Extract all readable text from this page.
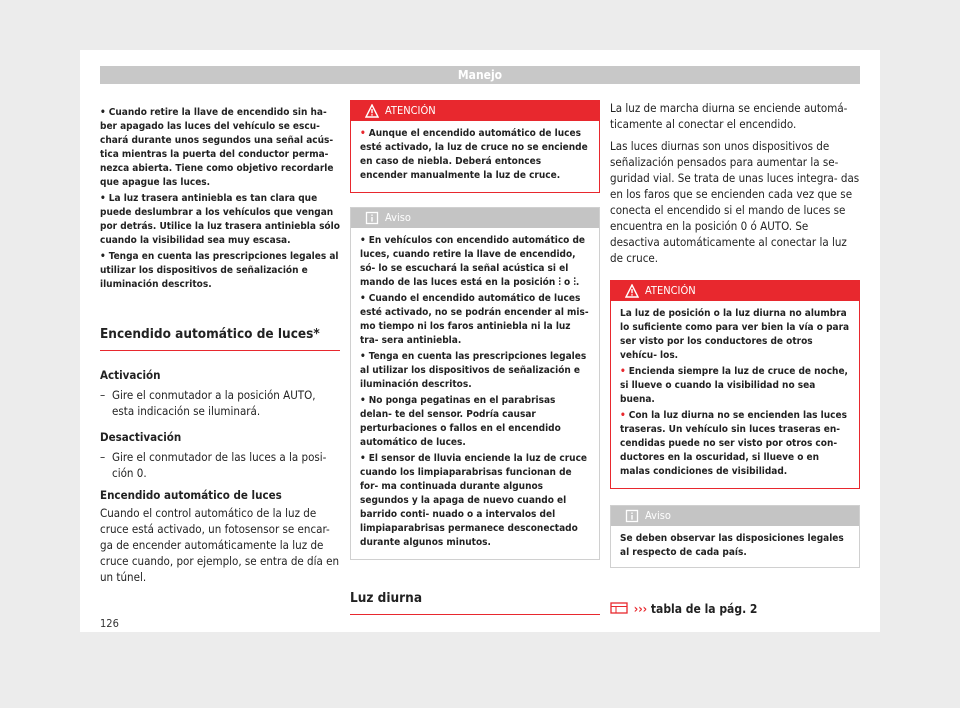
Manejo
• Cuando retire la llave de encendido sin ha- ber apagado las luces del vehículo se escu- chará durante unos segundos una señal acús- tica mientras la puerta del conductor perma- nezca abierta. Tiene como objetivo recordarle que apague las luces.
• La luz trasera antiniebla es tan clara que puede deslumbrar a los vehículos que vengan por detrás. Utilice la luz trasera antiniebla sólo cuando la visibilidad sea muy escasa.
• Tenga en cuenta las prescripciones legales al utilizar los dispositivos de señalización e iluminación descritos.
Encendido automático de luces*

Activación

– Gire el conmutador a la posición AUTO, esta indicación se iluminará.

Desactivación

– Gire el conmutador de las luces a la posi- ción 0.

Encendido automático de luces

Cuando el control automático de la luz de cruce está activado, un fotosensor se encar- ga de encender automáticamente la luz de cruce cuando, por ejemplo, se entra de día en un túnel.

ATENCIÓN
• Aunque el encendido automático de luces esté activado, la luz de cruce no se enciende en caso de niebla. Deberá entonces encender manualmente la luz de cruce.
Aviso
• En vehículos con encendido automático de luces, cuando retire la llave de encendido, só- lo se escuchará la señal acústica si el mando de las luces está en la posición ⫶ o ⫶.
• Cuando el encendido automático de luces esté activado, no se podrán encender al mis- mo tiempo ni los faros antiniebla ni la luz tra- sera antiniebla.
• Tenga en cuenta las prescripciones legales al utilizar los dispositivos de señalización e iluminación descritos.
• No ponga pegatinas en el parabrisas delan- te del sensor. Podría causar perturbaciones o fallos en el encendido automático de luces.
• El sensor de lluvia enciende la luz de cruce cuando los limpiaparabrisas funcionan de for- ma continuada durante algunos segundos y la apaga de nuevo cuando el barrido conti- nuado o a intervalos del limpiaparabrisas permanece desconectado durante algunos minutos.
Luz diurna

La luz de marcha diurna se enciende automá- ticamente al conectar el encendido.

Las luces diurnas son unos dispositivos de señalización pensados para aumentar la se- guridad vial. Se trata de unas luces integra- das en los faros que se encienden cada vez que se conecta el encendido si el mando de luces se encuentra en la posición 0 ó AUTO. Se desactiva automáticamente al conectar la luz de cruce.

ATENCIÓN

La luz de posición o la luz diurna no alumbra lo suficiente como para ver bien la vía o para ser visto por los conductores de otros vehícu- los.

• Encienda siempre la luz de cruce de noche, si llueve o cuando la visibilidad no sea buena.
• Con la luz diurna no se encienden las luces traseras. Un vehículo sin luces traseras en- cendidas puede no ser visto por otros con- ductores en la oscuridad, si llueve o en malas condiciones de visibilidad.
Aviso

Se deben observar las disposiciones legales al respecto de cada país.

››› tabla de la pág. 2
126
